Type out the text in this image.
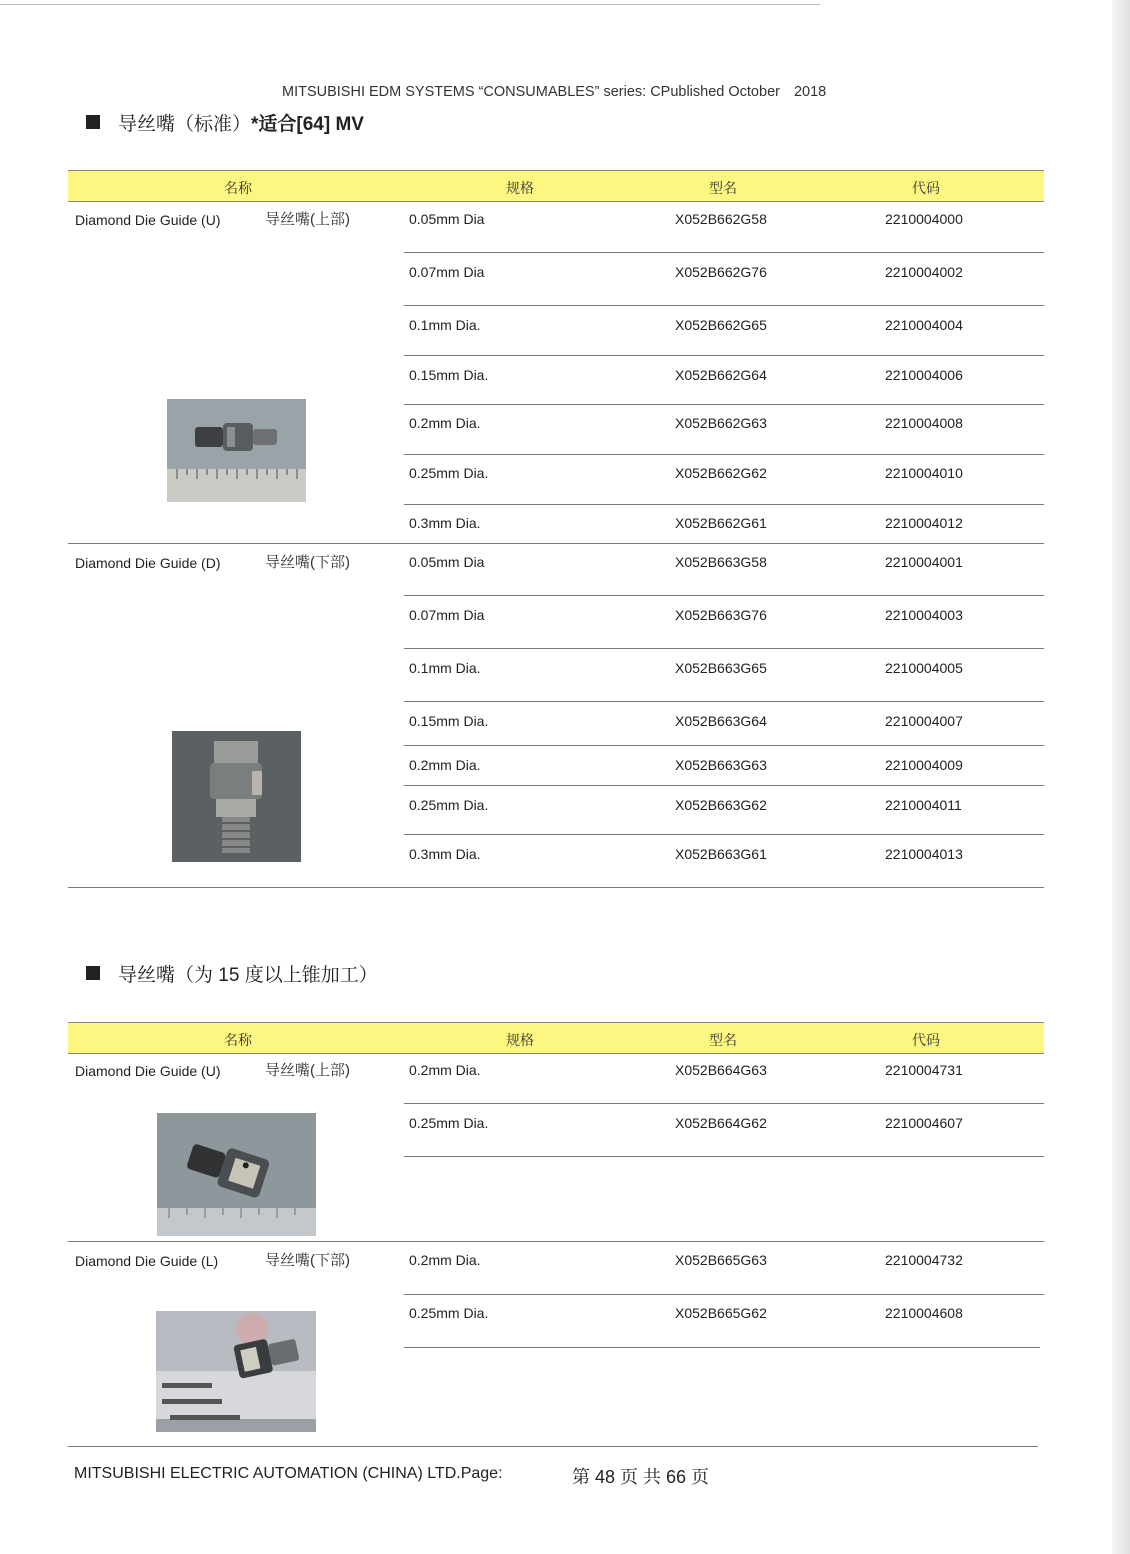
MITSUBISHI EDM SYSTEMS “CONSUMABLES” series: CPublished October 2018
导丝嘴（标准）*适合[64] MV
名称	规格	型名	代码
Diamond Die Guide (U)	导丝嘴(上部)	0.05mm Dia	X052B662G58	2210004000
0.07mm Dia	X052B662G76	2210004002
0.1mm Dia.	X052B662G65	2210004004
0.15mm Dia.	X052B662G64	2210004006
0.2mm Dia.	X052B662G63	2210004008
0.25mm Dia.	X052B662G62	2210004010
0.3mm Dia.	X052B662G61	2210004012
Diamond Die Guide (D)	导丝嘴(下部)	0.05mm Dia	X052B663G58	2210004001
0.07mm Dia	X052B663G76	2210004003
0.1mm Dia.	X052B663G65	2210004005
0.15mm Dia.	X052B663G64	2210004007
0.2mm Dia.	X052B663G63	2210004009
0.25mm Dia.	X052B663G62	2210004011
0.3mm Dia.	X052B663G61	2210004013
导丝嘴（为 15 度以上锥加工）
名称	规格	型名	代码
Diamond Die Guide (U)	导丝嘴(上部)	0.2mm Dia.	X052B664G63	2210004731
0.25mm Dia.	X052B664G62	2210004607
Diamond Die Guide (L)	导丝嘴(下部)	0.2mm Dia.	X052B665G63	2210004732
0.25mm Dia.	X052B665G62	2210004608
MITSUBISHI ELECTRIC AUTOMATION (CHINA) LTD.Page:	第 48 页 共 66 页
